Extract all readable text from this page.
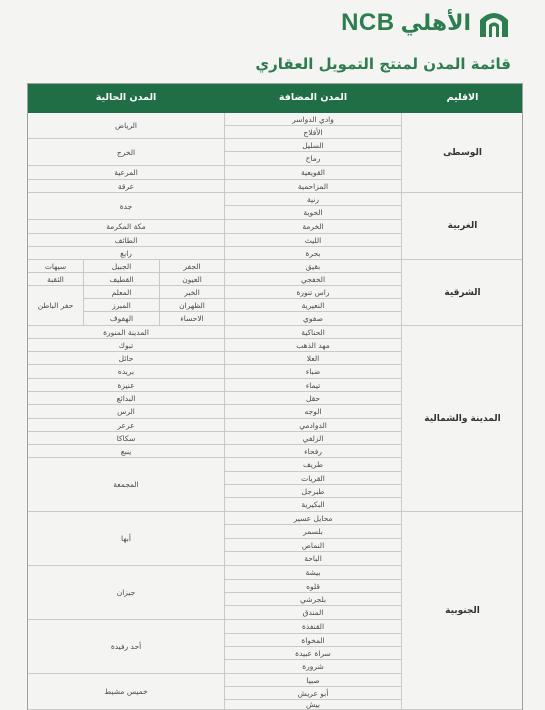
NCB الأهلي
قائمة المدن لمنتج التمويل العقاري
المدن الحالية	المدن المضافة	الاقليم
الوسطى
الغربية
الشرقية
المدينة والشمالية
الجنوبية
الرياض
الخرج
المرعية
عرقة
جدة
مكة المكرمة
الطائف
رابغ
الجفر
العيون
الخبر
الظهران
الاحساء
الجبيل
القطيف
المعلم
المبرز
الهفوف
سيهات
الثقبة
حفر الباطن
المدينة المنورة
تبوك
حائل
بريده
عنيزة
البدائع
الرس
عرعر
سكاكا
ينبع
المجمعة
أبها
جيزان
أحد رفيدة
خميس مشيط
وادي الدواسر
الأفلاج
السليل
رماح
القويعية
المزاحمية
رنية
الحوية
الخرمة
الليث
بحرة
بقيق
الخفجي
راس تنورة
النعيرية
صفوي
الحناكية
مهد الذهب
العلا
ضباء
تيماء
حقل
الوجه
الدوادمي
الزلفي
رفحاء
طريف
القريات
طبرجل
البكيرية
محايل عسير
بلسمر
النماص
الباحة
بيشة
قلوه
بلجرشي
المندق
القنفذة
المخواة
سراة عبيدة
شرورة
صبيا
أبو عريش
بيش
